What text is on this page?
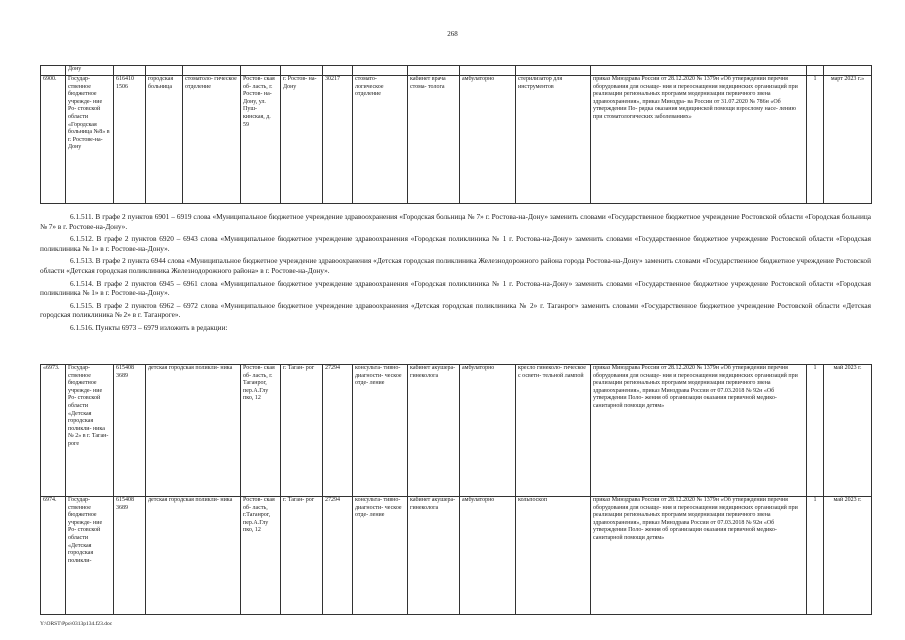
268
	Дону													
6900.	Государ- ственное бюджетное учрежде- ние Ро- стовской области «Городская больница №8» в г. Ростове-на- Дону	616410 1506	городская больница	стоматоло- гическое отделение	Ростов- ская об- ласть, г. Ростов- на-Дону, ул. Пуш- кинская, д. 59	г. Ростов- на-Дону	30217	стомато- логическое отделение	кабинет врача стома- толога	амбулаторно	стерилизатор для инструментов	приказ Минздрава России от 28.12.2020 № 1379н «Об утверждении перечня оборудования для оснаще- ния и переоснащения медицинских организаций при реализации региональных программ модернизации первичного звена здравоохранения», приказ Минздра- ва России от 31.07.2020 № 786н «Об утверждении По- рядка оказания медицинской помощи взрослому насе- лению при стоматологических заболеваниях»	1	март 2023 г.»

6.1.511. В графе 2 пунктов 6901 – 6919 слова «Муниципальное бюджетное учреждение здравоохранения «Городская больница № 7» г. Ростова-на-Дону» заменить словами «Государственное бюджетное учреждение Ростовской области «Городская больница № 7» в г. Ростове-на-Дону».

6.1.512. В графе 2 пунктов 6920 – 6943 слова «Муниципальное бюджетное учреждение здравоохранения «Городская поликлиника № 1 г. Ростова-на-Дону» заменить словами «Государственное бюджетное учреждение Ростовской области «Городская поликлиника № 1» в г. Ростове-на-Дону».

6.1.513. В графе 2 пункта 6944 слова «Муниципальное бюджетное учреждение здравоохранения «Детская городская поликлиника Железнодорожного района города Ростова-на-Дону» заменить словами «Государственное бюджетное учреждение Ростовской области «Детская городская поликлиника Железнодорожного района» в г. Ростове-на-Дону».

6.1.514. В графе 2 пунктов 6945 – 6961 слова «Муниципальное бюджетное учреждение здравоохранения «Городская поликлиника № 1 г. Ростова-на-Дону» заменить словами «Государственное бюджетное учреждение Ростовской области «Городская поликлиника № 1» в г. Ростове-на-Дону».

6.1.515. В графе 2 пунктов 6962 – 6972 слова «Муниципальное бюджетное учреждение здравоохранения «Детская городская поликлиника № 2» г. Таганрог» заменить словами «Государственное бюджетное учреждение Ростовской области «Детская городская поликлиника № 2» в г. Таганроге».

6.1.516. Пункты 6973 – 6979 изложить в редакции:

«6973.	Государ- ственное бюджетное учрежде- ние Ро- стовской области «Детская городская поликли- ника № 2» в г. Таган- роге	615408 3689	детская городская поликли- ника	Ростов- ская об- ласть, г. Таганрог, пер.А.Глу пко, 12	г. Таган- рог	27294	консульта- тивно- диагности- ческое отде- ление	кабинет акушера- гинеколога	амбулаторно	кресло гинеколо- гическое с осветн- тельной лампой	приказ Минздрава России от 28.12.2020 № 1379н «Об утверждении перечня оборудования для оснаще- ния и переоснащения медицинских организаций при реализации региональных программ модернизации первичного звена здравоохранения», приказ Минздрава России от 07.03.2018 № 92н «Об утверждении Поло- жения об организации оказания первичной медико- санитарной помощи детям»	1	май 2023 г.
6974.	Государ- ственное бюджетное учрежде- ние Ро- стовской области «Детская городская поликли-	615408 3689	детская городская поликли- ника	Ростов- ская об- ласть, г.Таганрог, пер.А.Глу пко, 12	г. Таган- рог	27294	консульта- тивно- диагности- ческое отде- ление	кабинет акушера- гинеколога	амбулаторно	кольпоскоп	приказ Минздрава России от 28.12.2020 № 1379н «Об утверждении перечня оборудования для оснаще- ния и переоснащения медицинских организаций при реализации региональных программ модернизации первичного звена здравоохранения», приказ Минздрава России от 07.03.2018 № 92н «Об утверждении Поло- жения об организации оказания первичной медико- санитарной помощи детям»	1	май 2023 г.
Y:\ORST\Ppo\0313p134.f23.doc
